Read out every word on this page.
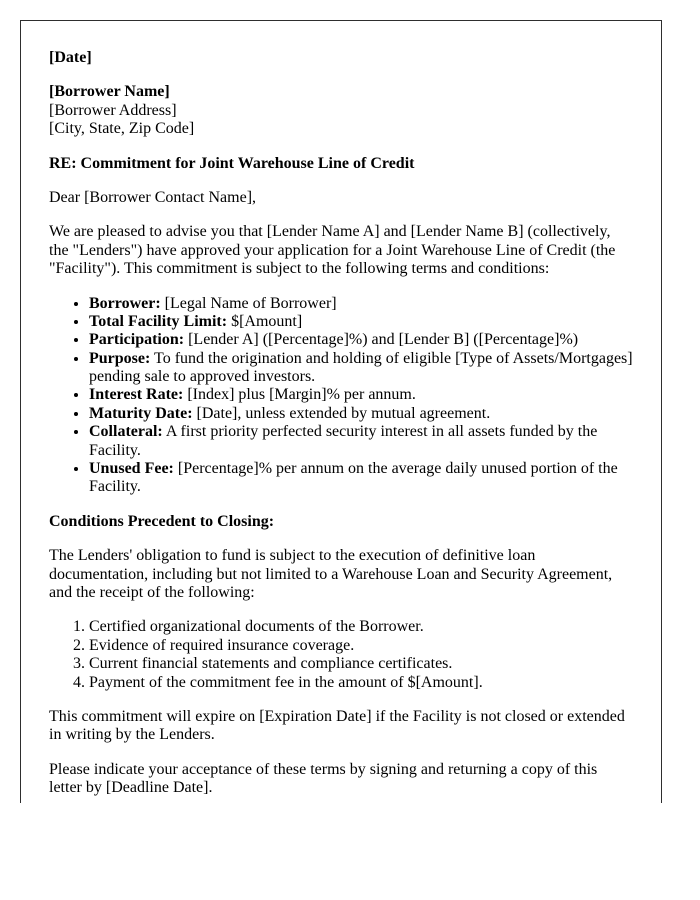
[Date]

[Borrower Name]
[Borrower Address]
[City, State, Zip Code]

RE: Commitment for Joint Warehouse Line of Credit

Dear [Borrower Contact Name],

We are pleased to advise you that [Lender Name A] and [Lender Name B] (collectively, the "Lenders") have approved your application for a Joint Warehouse Line of Credit (the "Facility"). This commitment is subject to the following terms and conditions:

• Borrower: [Legal Name of Borrower]
• Total Facility Limit: $[Amount]
• Participation: [Lender A] ([Percentage]%) and [Lender B] ([Percentage]%)
• Purpose: To fund the origination and holding of eligible [Type of Assets/Mortgages] pending sale to approved investors.
• Interest Rate: [Index] plus [Margin]% per annum.
• Maturity Date: [Date], unless extended by mutual agreement.
• Collateral: A first priority perfected security interest in all assets funded by the Facility.
• Unused Fee: [Percentage]% per annum on the average daily unused portion of the Facility.

Conditions Precedent to Closing:

The Lenders' obligation to fund is subject to the execution of definitive loan documentation, including but not limited to a Warehouse Loan and Security Agreement, and the receipt of the following:

1. Certified organizational documents of the Borrower.
2. Evidence of required insurance coverage.
3. Current financial statements and compliance certificates.
4. Payment of the commitment fee in the amount of $[Amount].

This commitment will expire on [Expiration Date] if the Facility is not closed or extended in writing by the Lenders.

Please indicate your acceptance of these terms by signing and returning a copy of this letter by [Deadline Date].
